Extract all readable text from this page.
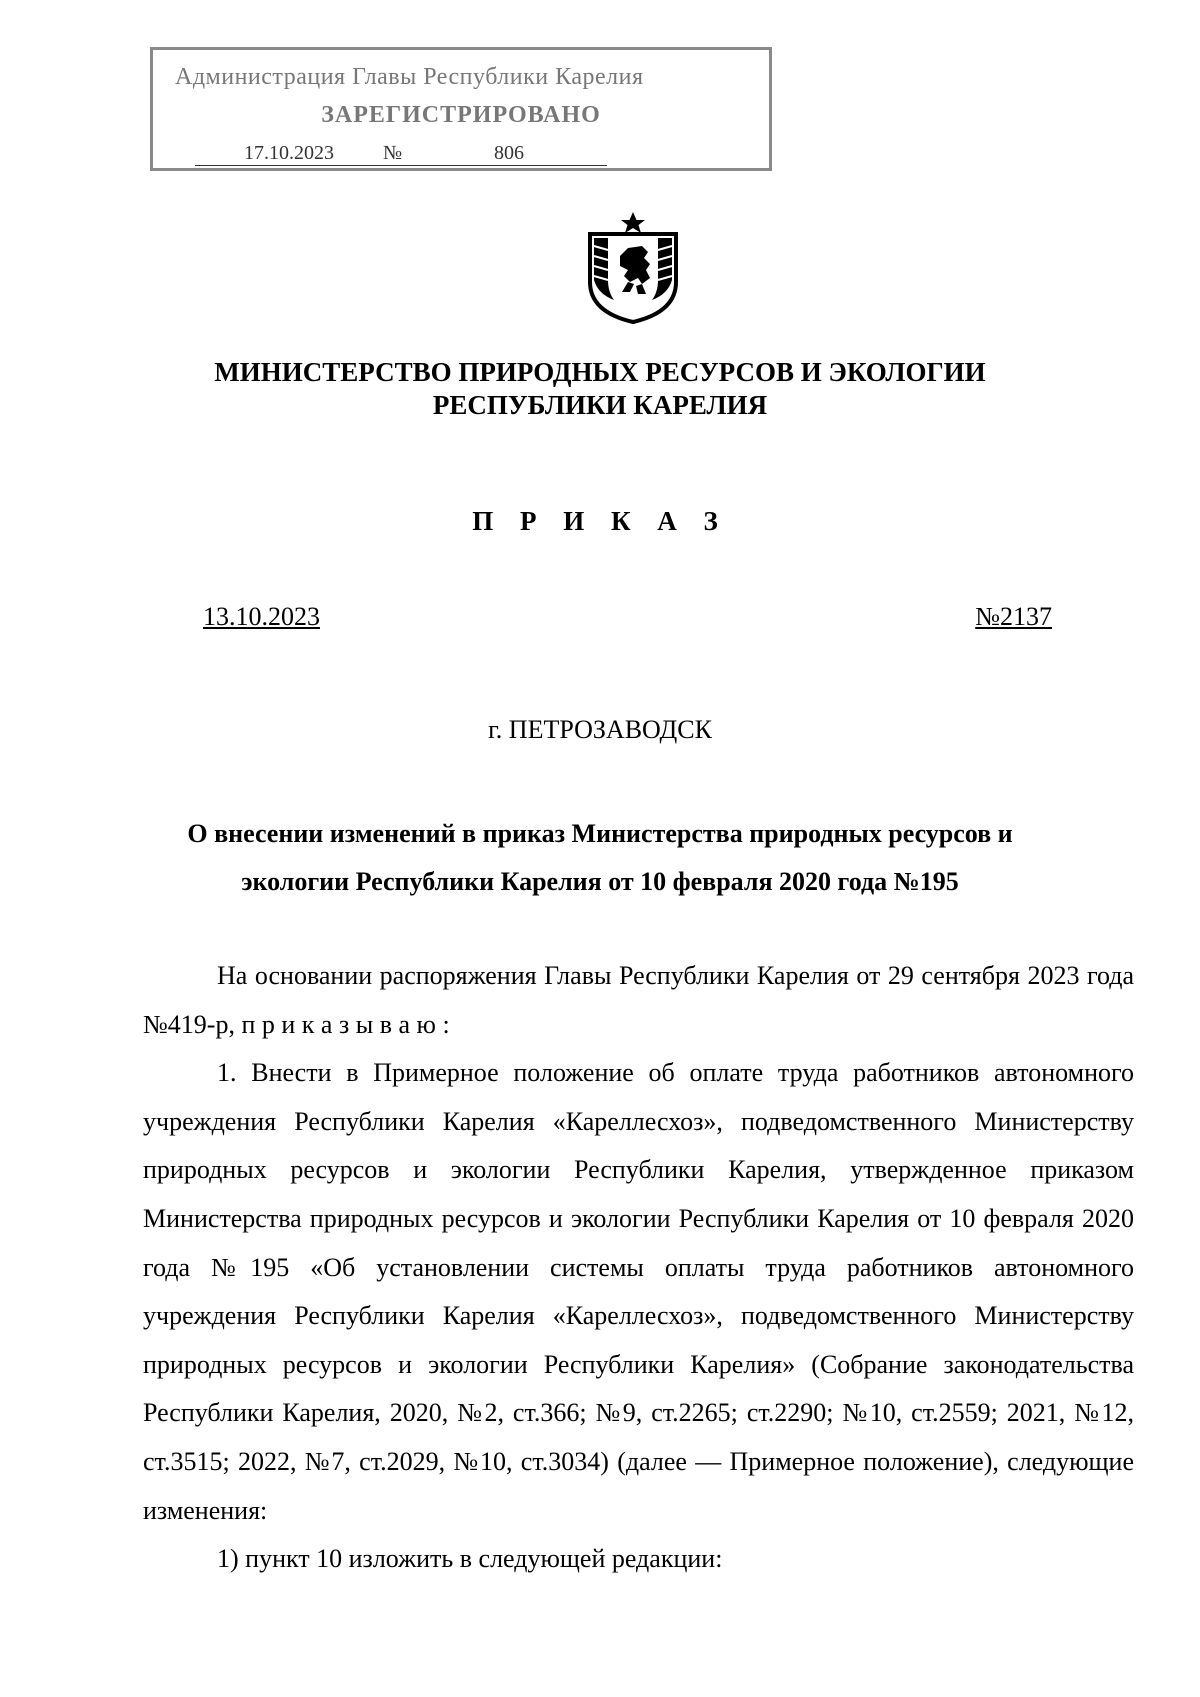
Администрация Главы Республики Карелия
ЗАРЕГИСТРИРОВАНО
17.10.2023 №	806
МИНИСТЕРСТВО ПРИРОДНЫХ РЕСУРСОВ И ЭКОЛОГИИ
РЕСПУБЛИКИ КАРЕЛИЯ
П Р И К А З
13.10.2023	№2137
г. ПЕТРОЗАВОДСК
О внесении изменений в приказ Министерства природных ресурсов и
экологии Республики Карелия от 10 февраля 2020 года №195

На основании распоряжения Главы Республики Карелия от 29 сентября 2023 года №419-р, п р и к а з ы в а ю :

1. Внести в Примерное положение об оплате труда работников автономного учреждения Республики Карелия «Кареллесхоз», подведомственного Министерству природных ресурсов и экологии Республики Карелия, утвержденное приказом Министерства природных ресурсов и экологии Республики Карелия от 10 февраля 2020 года №195 «Об установлении системы оплаты труда работников автономного учреждения Республики Карелия «Кареллесхоз», подведомственного Министерству природных ресурсов и экологии Республики Карелия» (Собрание законодательства Республики Карелия, 2020, №2, ст.366; №9, ст.2265; ст.2290; №10, ст.2559; 2021, №12, ст.3515; 2022, №7, ст.2029, №10, ст.3034) (далее — Примерное положение), следующие изменения:

1) пункт 10 изложить в следующей редакции:
